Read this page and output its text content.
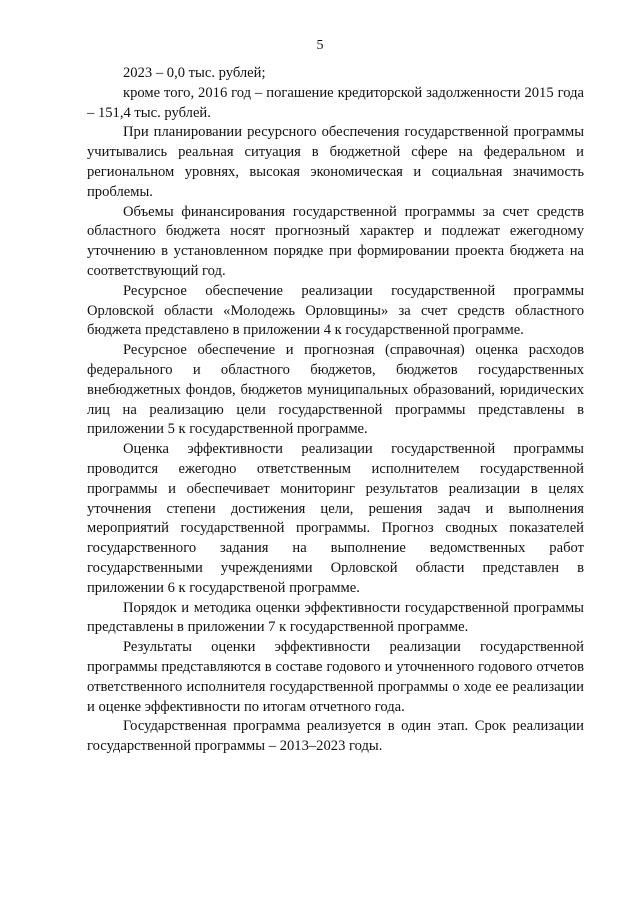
5

2023 – 0,0 тыс. рублей;

кроме того, 2016 год – погашение кредиторской задолженности 2015 года – 151,4 тыс. рублей.

При планировании ресурсного обеспечения государственной программы учитывались реальная ситуация в бюджетной сфере на федеральном и региональном уровнях, высокая экономическая и социальная значимость проблемы.

Объемы финансирования государственной программы за счет средств областного бюджета носят прогнозный характер и подлежат ежегодному уточнению в установленном порядке при формировании проекта бюджета на соответствующий год.

Ресурсное обеспечение реализации государственной программы Орловской области «Молодежь Орловщины» за счет средств областного бюджета представлено в приложении 4 к государственной программе.

Ресурсное обеспечение и прогнозная (справочная) оценка расходов федерального и областного бюджетов, бюджетов государственных внебюджетных фондов, бюджетов муниципальных образований, юридических лиц на реализацию цели государственной программы представлены в приложении 5 к государственной программе.

Оценка эффективности реализации государственной программы проводится ежегодно ответственным исполнителем государственной программы и обеспечивает мониторинг результатов реализации в целях уточнения степени достижения цели, решения задач и выполнения мероприятий государственной программы. Прогноз сводных показателей государственного задания на выполнение ведомственных работ государственными учреждениями Орловской области представлен в приложении 6 к государственой программе.

Порядок и методика оценки эффективности государственной программы представлены в приложении 7 к государственной программе.

Результаты оценки эффективности реализации государственной программы представляются в составе годового и уточненного годового отчетов ответственного исполнителя государственной программы о ходе ее реализации и оценке эффективности по итогам отчетного года.

Государственная программа реализуется в один этап. Срок реализации государственной программы – 2013–2023 годы.
